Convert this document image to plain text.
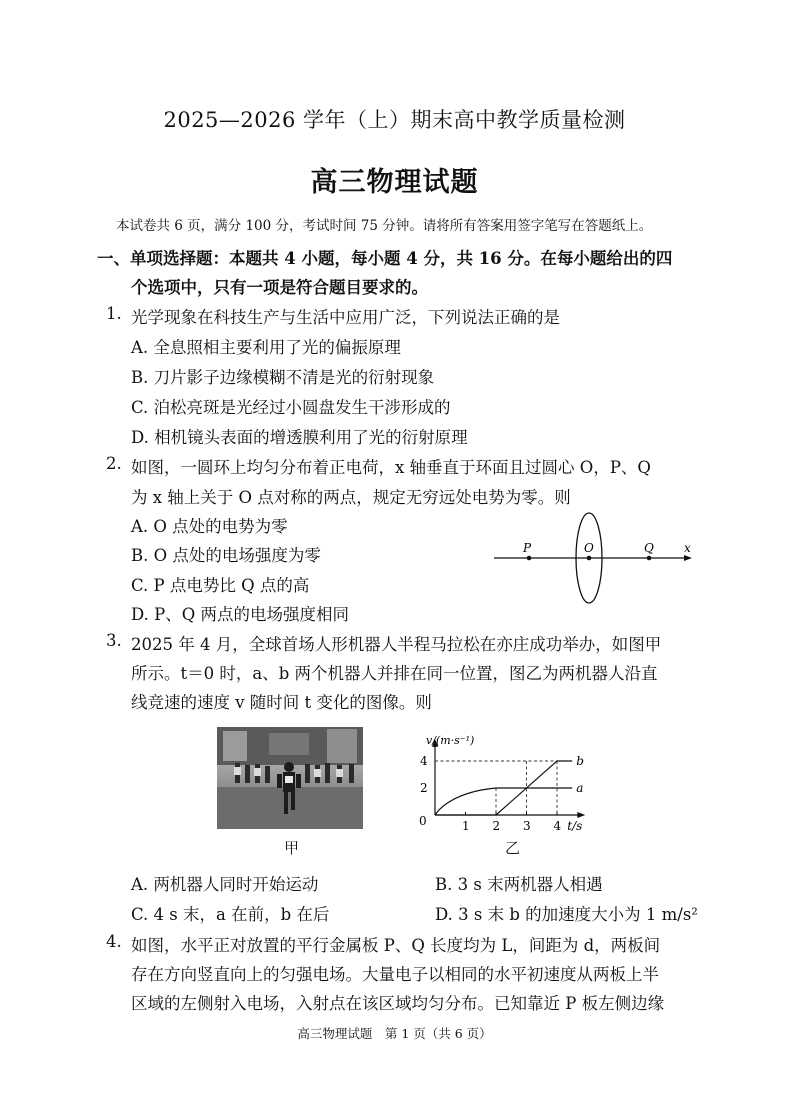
2025—2026 学年（上）期末高中教学质量检测
高三物理试题
本试卷共 6 页，满分 100 分，考试时间 75 分钟。请将所有答案用签字笔写在答题纸上。
一、单项选择题：本题共 4 小题，每小题 4 分，共 16 分。在每小题给出的四
个选项中，只有一项是符合题目要求的。
1. 光学现象在科技生产与生活中应用广泛，下列说法正确的是
A. 全息照相主要利用了光的偏振原理
B. 刀片影子边缘模糊不清是光的衍射现象
C. 泊松亮斑是光经过小圆盘发生干涉形成的
D. 相机镜头表面的增透膜利用了光的衍射原理
2. 如图，一圆环上均匀分布着正电荷，x 轴垂直于环面且过圆心 O，P、Q
为 x 轴上关于 O 点对称的两点，规定无穷远处电势为零。则
A. O 点处的电势为零
B. O 点处的电场强度为零
C. P 点电势比 Q 点的高
D. P、Q 两点的电场强度相同
P	O	Q	x
3. 2025 年 4 月，全球首场人形机器人半程马拉松在亦庄成功举办，如图甲
所示。t＝0 时，a、b 两个机器人并排在同一位置，图乙为两机器人沿直
线竞速的速度 v 随时间 t 变化的图像。则
甲
1 2 3 4
2
4
0
v/(m·s⁻¹)
t/s
a
b
乙
A. 两机器人同时开始运动	B. 3 s 末两机器人相遇
C. 4 s 末，a 在前，b 在后	D. 3 s 末 b 的加速度大小为 1 m/s²
4. 如图，水平正对放置的平行金属板 P、Q 长度均为 L，间距为 d，两板间
存在方向竖直向上的匀强电场。大量电子以相同的水平初速度从两板上半
区域的左侧射入电场，入射点在该区域均匀分布。已知靠近 P 板左侧边缘
高三物理试题　第 1 页（共 6 页）
